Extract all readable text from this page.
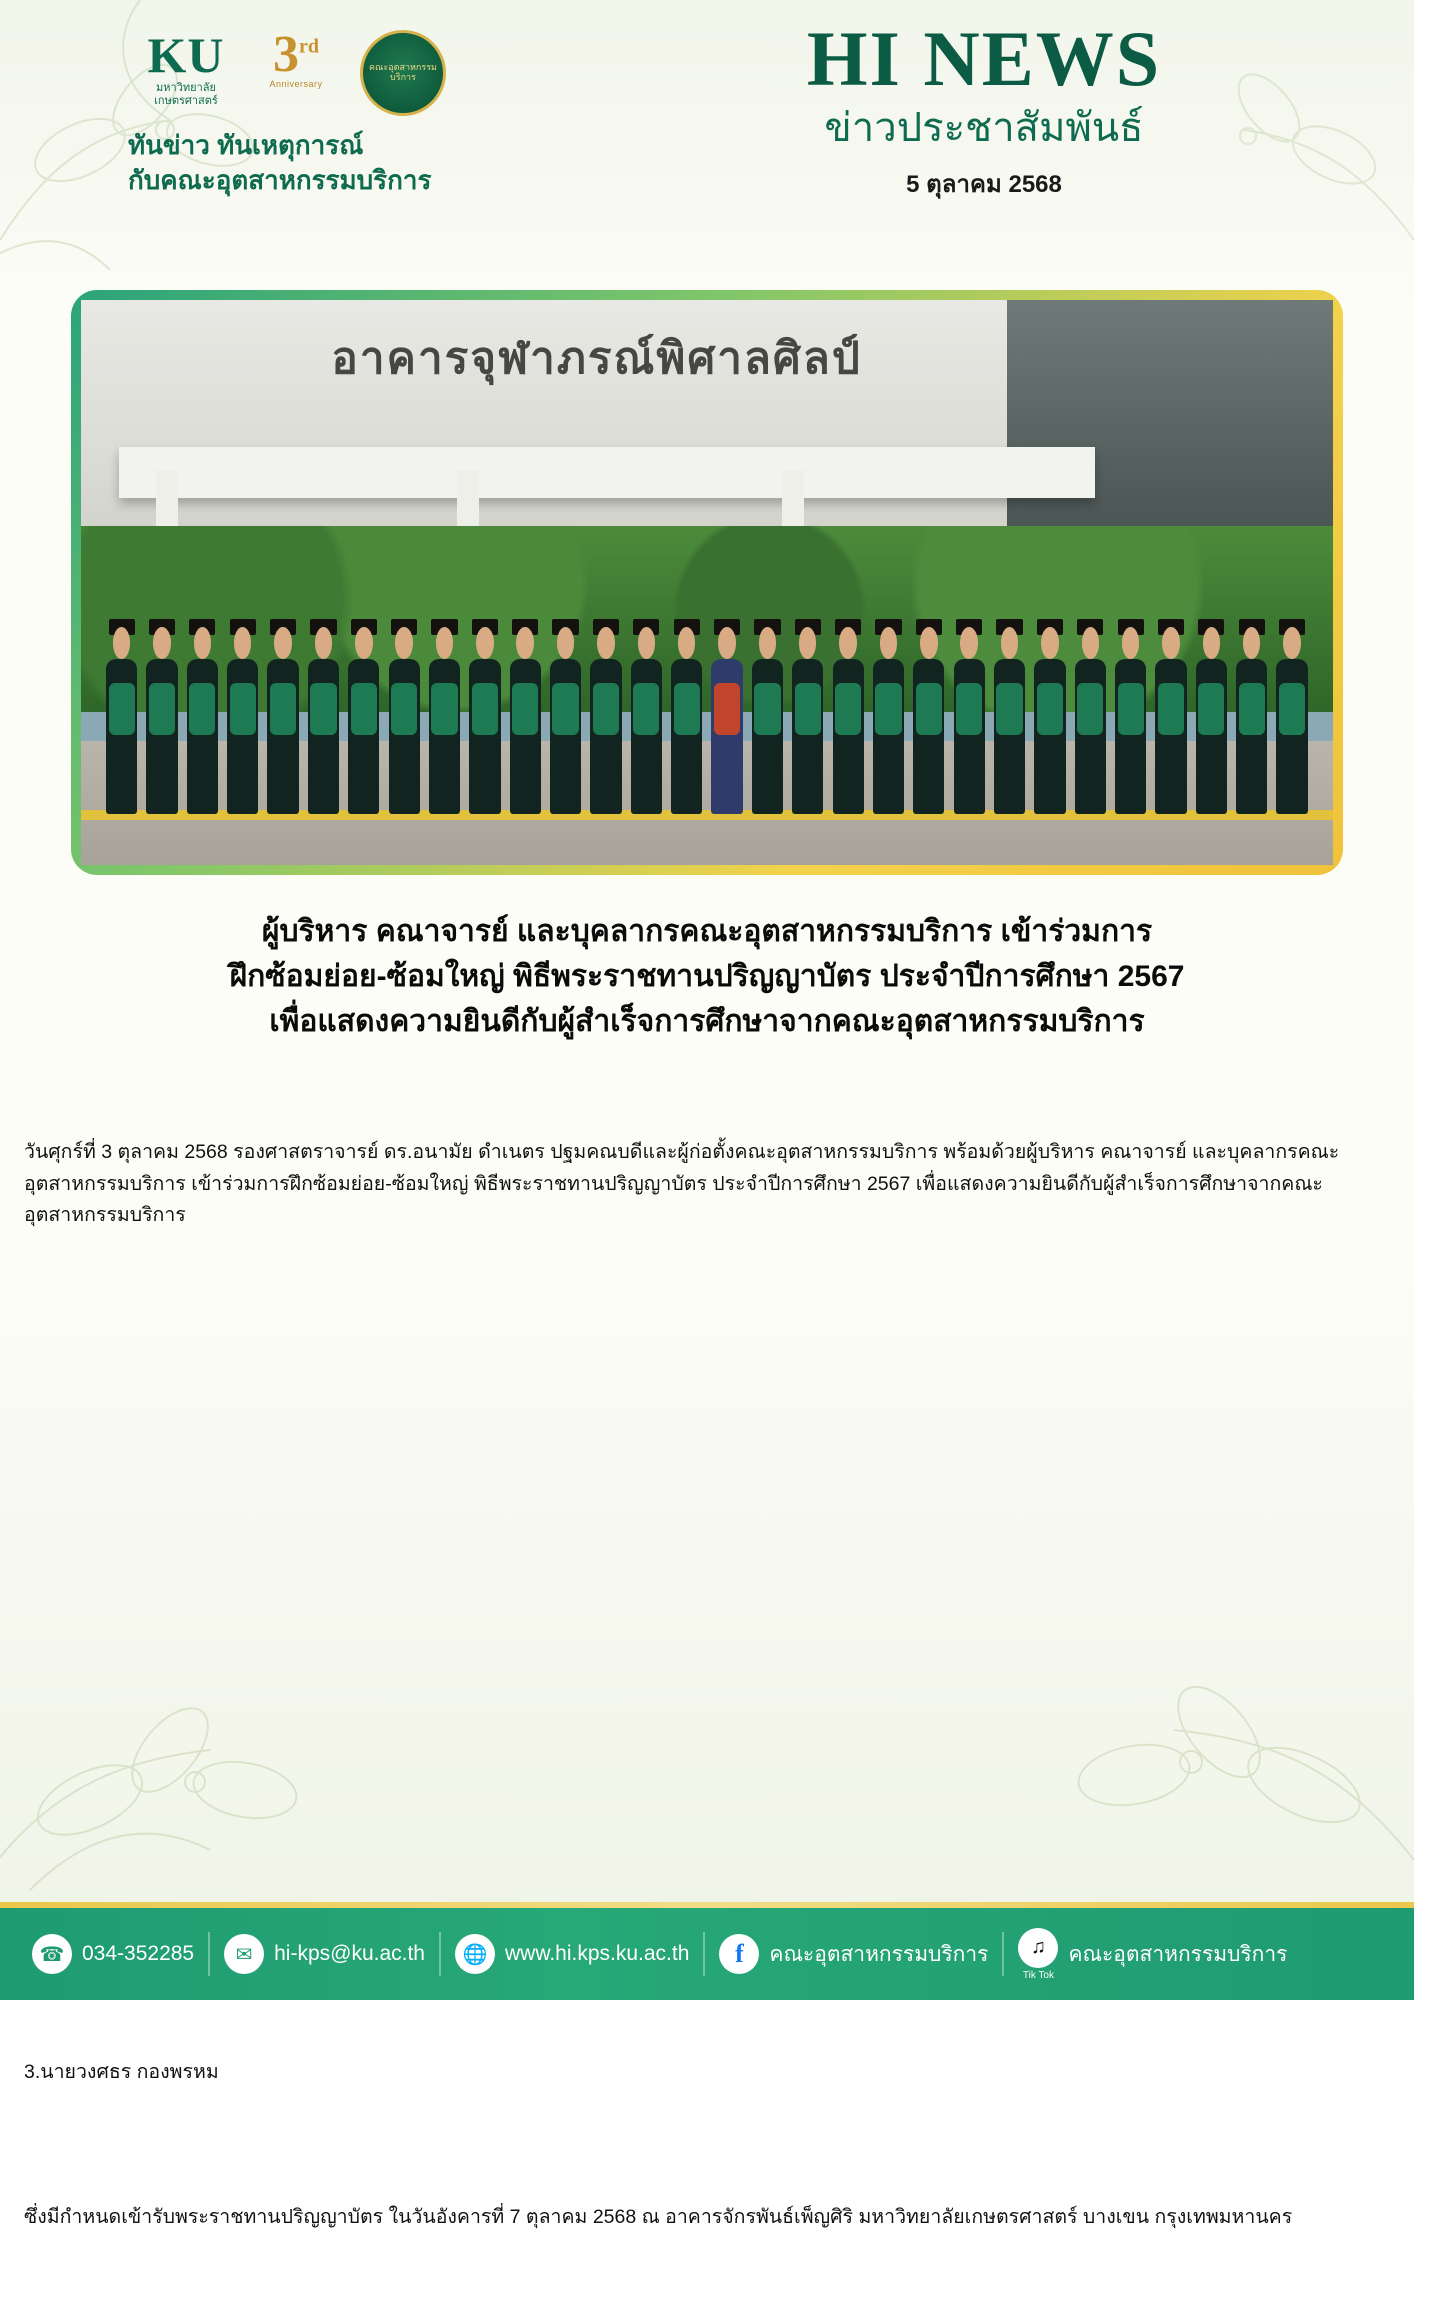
KU
มหาวิทยาลัย เกษตรศาสตร์
3rd
Anniversary
คณะอุตสาหกรรมบริการ
ทันข่าว ทันเหตุการณ์
กับคณะอุตสาหกรรมบริการ
HI NEWS
ข่าวประชาสัมพันธ์
5 ตุลาคม 2568
อาคารจุฬาภรณ์พิศาลศิลป์
ผู้บริหาร คณาจารย์ และบุคลากรคณะอุตสาหกรรมบริการ เข้าร่วมการ
ฝึกซ้อมย่อย-ซ้อมใหญ่ พิธีพระราชทานปริญญาบัตร ประจำปีการศึกษา 2567
เพื่อแสดงความยินดีกับผู้สำเร็จการศึกษาจากคณะอุตสาหกรรมบริการ

วันศุกร์ที่ 3 ตุลาคม 2568 รองศาสตราจารย์ ดร.อนามัย ดำเนตร ปฐมคณบดีและผู้ก่อตั้งคณะอุตสาหกรรมบริการ พร้อมด้วยผู้บริหาร คณาจารย์ และบุคลากรคณะอุตสาหกรรมบริการ เข้าร่วมการฝึกซ้อมย่อย-ซ้อมใหญ่ พิธีพระราชทานปริญญาบัตร ประจำปีการศึกษา 2567 เพื่อแสดงความยินดีกับผู้สำเร็จการศึกษาจากคณะอุตสาหกรรมบริการ

3.นายวงศธร กองพรหม

ซึ่งมีกำหนดเข้ารับพระราชทานปริญญาบัตร ในวันอังคารที่ 7 ตุลาคม 2568 ณ อาคารจักรพันธ์เพ็ญศิริ มหาวิทยาลัยเกษตรศาสตร์ บางเขน กรุงเทพมหานคร

☎ 034-352285	✉	hi-kps@ku.ac.th	🌐 www.hi.kps.ku.ac.th	f	คณะอุตสาหกรรมบริการ	♫
Tik Tok
คณะอุตสาหกรรมบริการ
